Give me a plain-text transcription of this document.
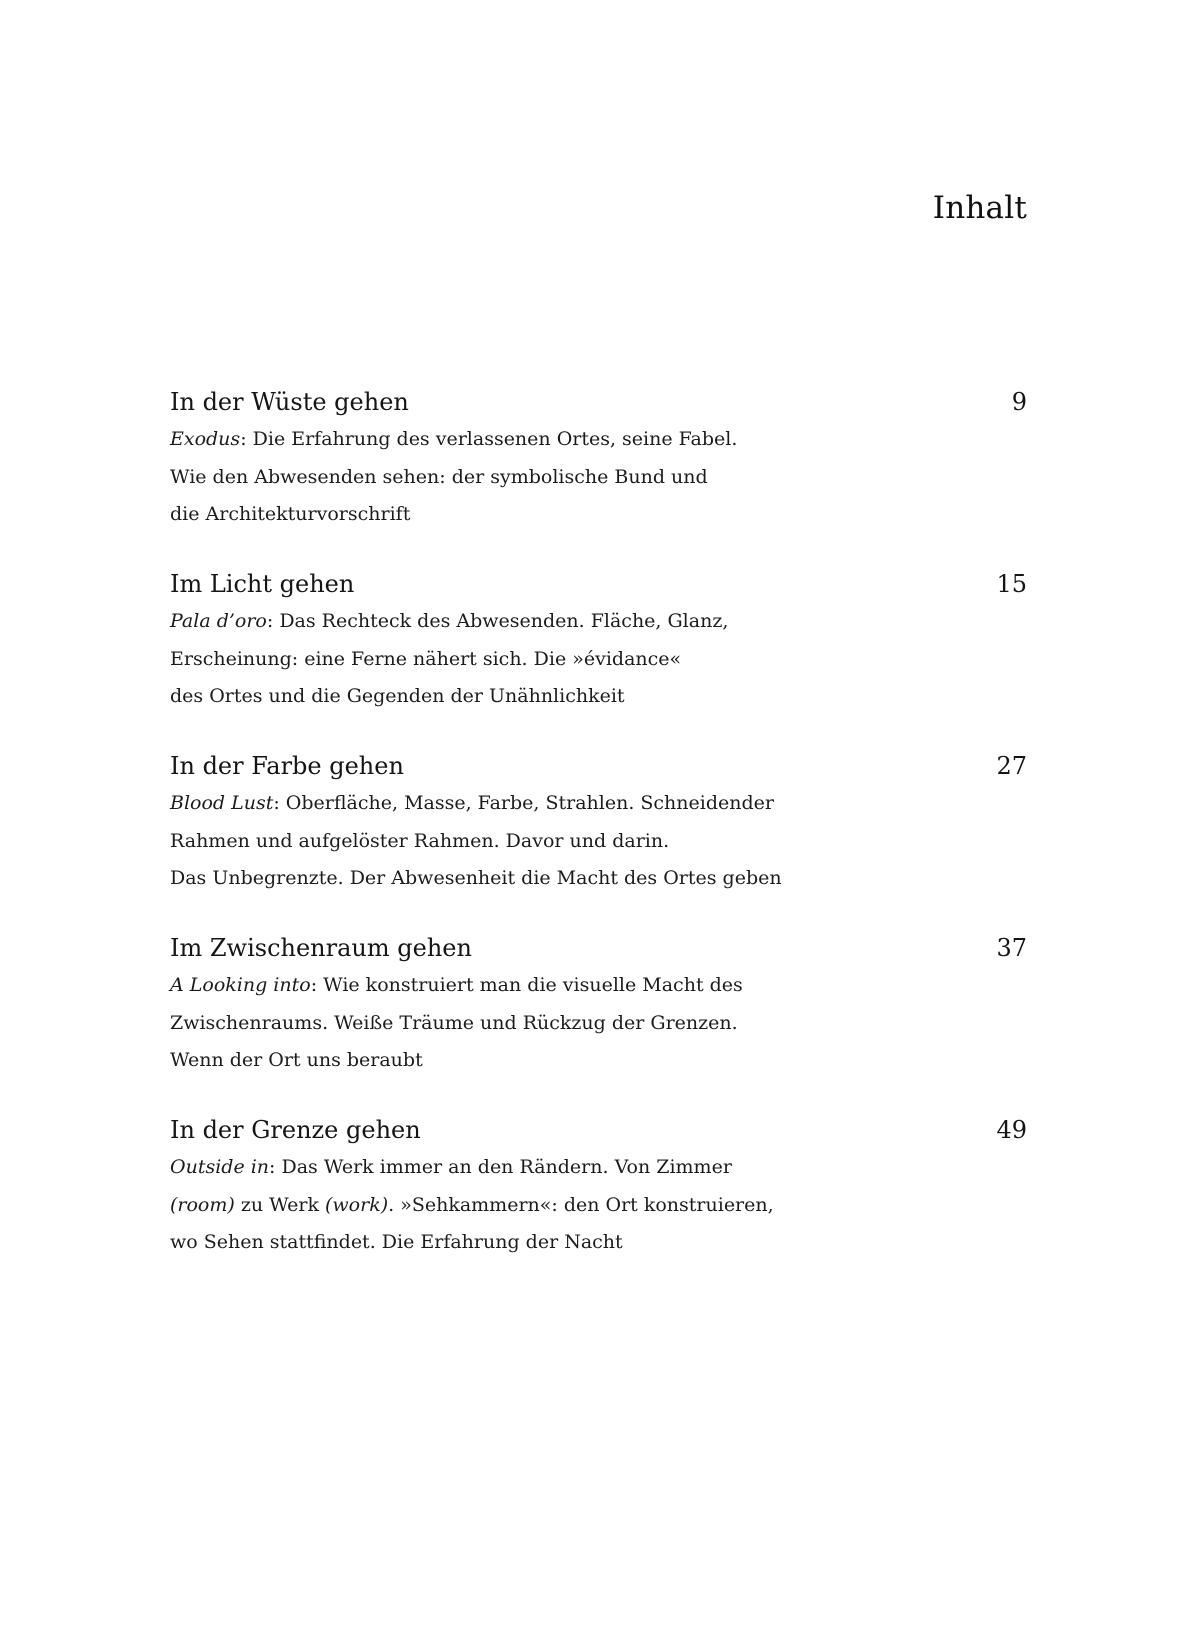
Inhalt
In der Wüste gehen	9
Exodus: Die Erfahrung des verlassenen Ortes, seine Fabel.
Wie den Abwesenden sehen: der symbolische Bund und
die Architekturvorschrift
Im Licht gehen	15
Pala d’oro: Das Rechteck des Abwesenden. Fläche, Glanz,
Erscheinung: eine Ferne nähert sich. Die »évidance«
des Ortes und die Gegenden der Unähnlichkeit
In der Farbe gehen	27
Blood Lust: Oberfläche, Masse, Farbe, Strahlen. Schneidender
Rahmen und aufgelöster Rahmen. Davor und darin.
Das Unbegrenzte. Der Abwesenheit die Macht des Ortes geben
Im Zwischenraum gehen	37
A Looking into: Wie konstruiert man die visuelle Macht des
Zwischenraums. Weiße Träume und Rückzug der Grenzen.
Wenn der Ort uns beraubt
In der Grenze gehen	49
Outside in: Das Werk immer an den Rändern. Von Zimmer
(room) zu Werk (work). »Sehkammern«: den Ort konstruieren,
wo Sehen stattfindet. Die Erfahrung der Nacht
